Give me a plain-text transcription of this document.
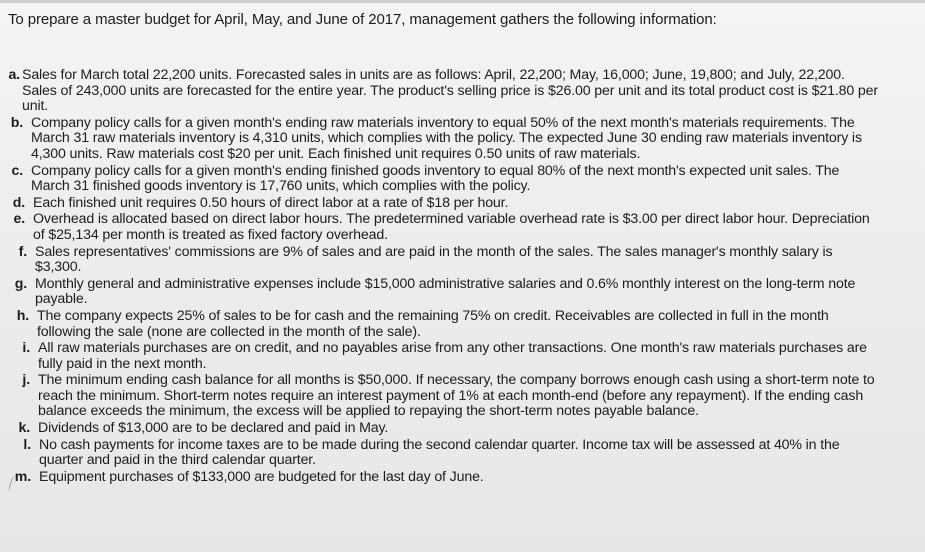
To prepare a master budget for April, May, and June of 2017, management gathers the following information:
a. Sales for March total 22,200 units. Forecasted sales in units are as follows: April, 22,200; May, 16,000; June, 19,800; and July, 22,200. Sales of 243,000 units are forecasted for the entire year. The product's selling price is $26.00 per unit and its total product cost is $21.80 per unit.
b. Company policy calls for a given month's ending raw materials inventory to equal 50% of the next month's materials requirements. The March 31 raw materials inventory is 4,310 units, which complies with the policy. The expected June 30 ending raw materials inventory is 4,300 units. Raw materials cost $20 per unit. Each finished unit requires 0.50 units of raw materials.
c. Company policy calls for a given month's ending finished goods inventory to equal 80% of the next month's expected unit sales. The March 31 finished goods inventory is 17,760 units, which complies with the policy.
d. Each finished unit requires 0.50 hours of direct labor at a rate of $18 per hour.
e. Overhead is allocated based on direct labor hours. The predetermined variable overhead rate is $3.00 per direct labor hour. Depreciation of $25,134 per month is treated as fixed factory overhead.
f. Sales representatives' commissions are 9% of sales and are paid in the month of the sales. The sales manager's monthly salary is $3,300.
g. Monthly general and administrative expenses include $15,000 administrative salaries and 0.6% monthly interest on the long-term note payable.
h. The company expects 25% of sales to be for cash and the remaining 75% on credit. Receivables are collected in full in the month following the sale (none are collected in the month of the sale).
i. All raw materials purchases are on credit, and no payables arise from any other transactions. One month's raw materials purchases are fully paid in the next month.
j. The minimum ending cash balance for all months is $50,000. If necessary, the company borrows enough cash using a short-term note to reach the minimum. Short-term notes require an interest payment of 1% at each month-end (before any repayment). If the ending cash balance exceeds the minimum, the excess will be applied to repaying the short-term notes payable balance.
k. Dividends of $13,000 are to be declared and paid in May.
l. No cash payments for income taxes are to be made during the second calendar quarter. Income tax will be assessed at 40% in the quarter and paid in the third calendar quarter.
m. Equipment purchases of $133,000 are budgeted for the last day of June.
